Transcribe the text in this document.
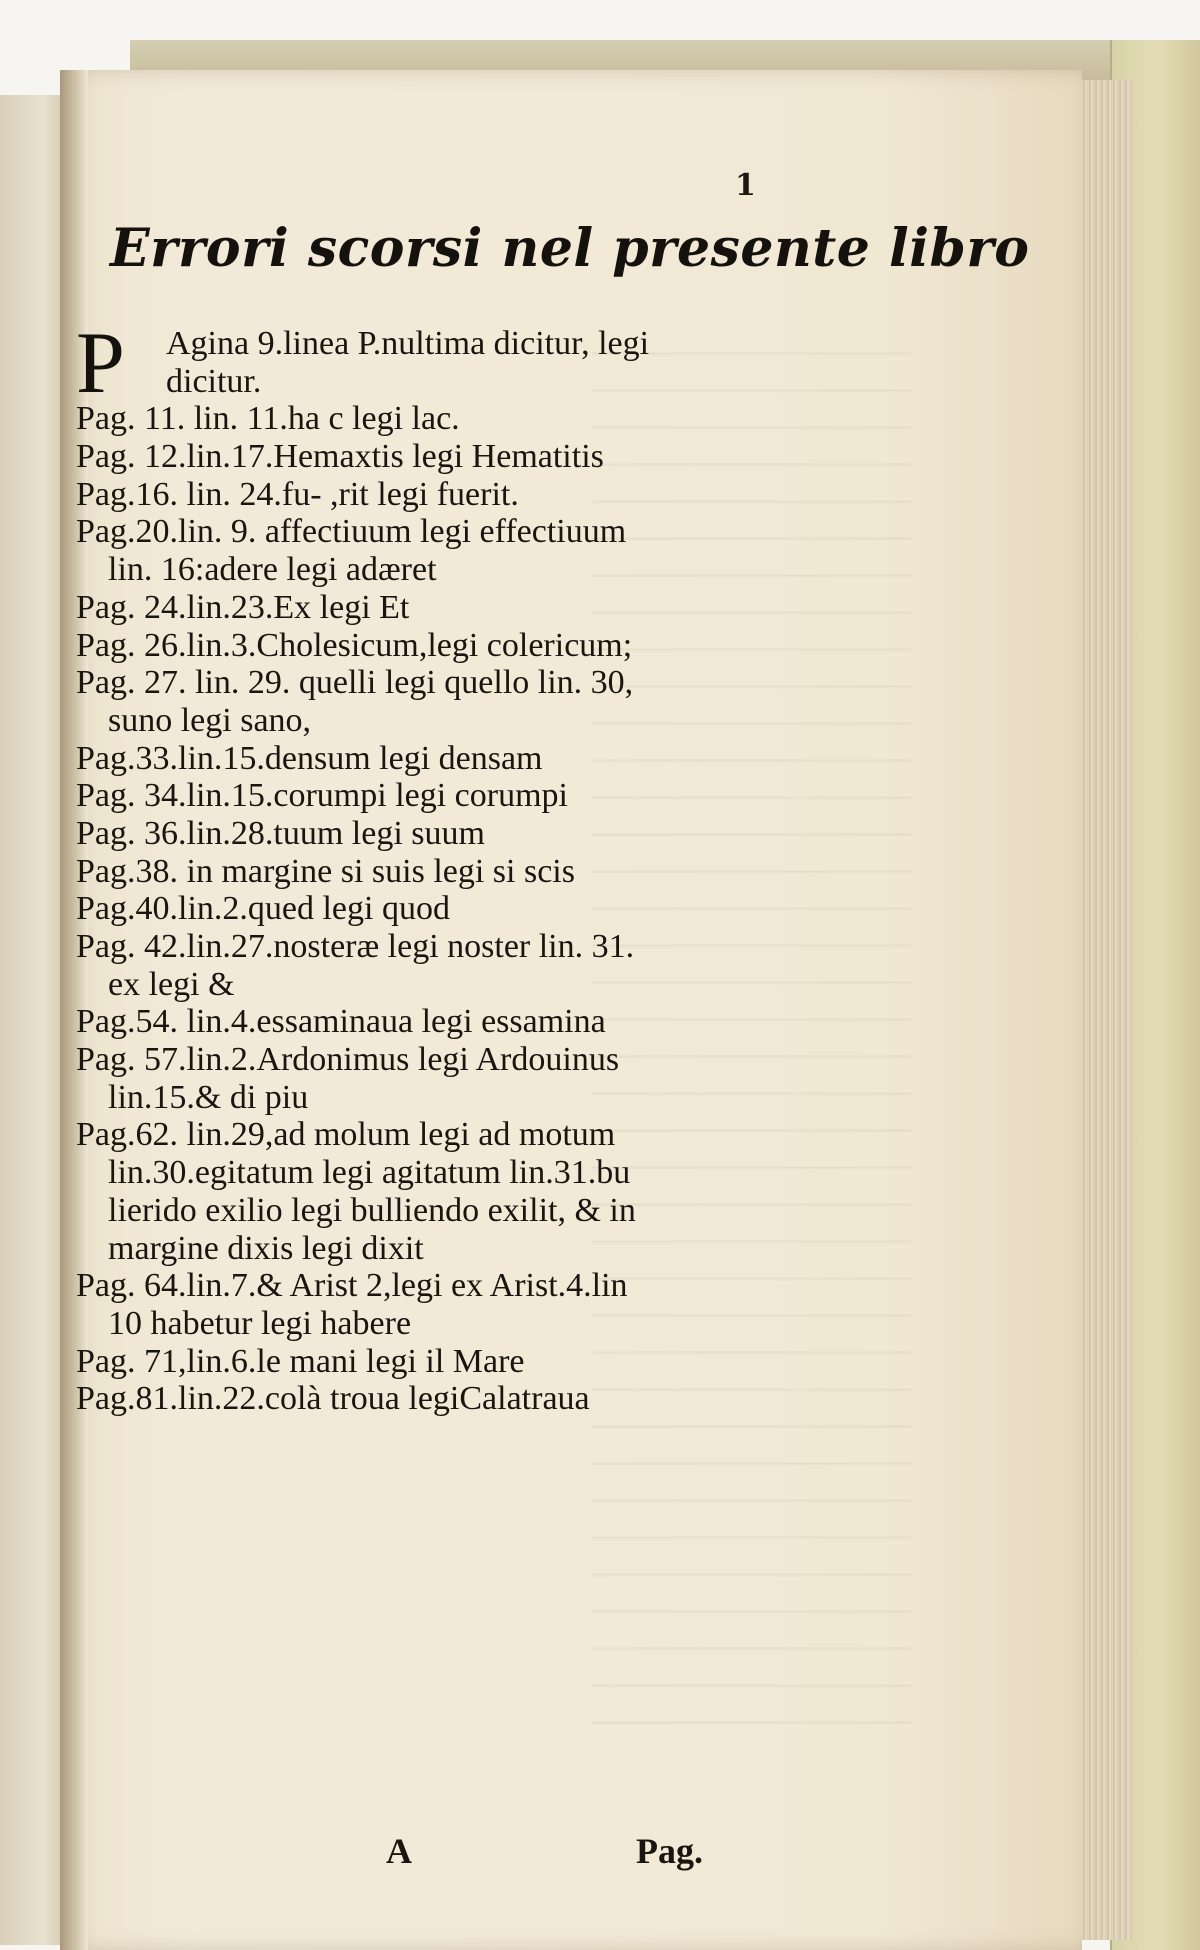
1
Errori scorsi nel presente libro
P	Agina 9.linea P.nultima dicitur, legi
dicitur.
Pag. 11. lin. 11.ha c legi lac.
Pag. 12.lin.17.Hemaxtis legi Hematitis
Pag.16. lin. 24.fu- ,rit legi fuerit.
Pag.20.lin. 9. affectiuum legi effectiuum
lin. 16:adere legi adæret
Pag. 24.lin.23.Ex legi Et
Pag. 26.lin.3.Cholesicum,legi colericum;
Pag. 27. lin. 29. quelli legi quello lin. 30,
suno legi sano,
Pag.33.lin.15.densum legi densam
Pag. 34.lin.15.corumpi legi corumpi
Pag. 36.lin.28.tuum legi suum
Pag.38. in margine si suis legi si scis
Pag.40.lin.2.qued legi quod
Pag. 42.lin.27.nosteræ legi noster lin. 31.
ex legi &
Pag.54. lin.4.essaminaua legi essamina
Pag. 57.lin.2.Ardonimus legi Ardouinus
lin.15.& di piu
Pag.62. lin.29,ad molum legi ad motum
lin.30.egitatum legi agitatum lin.31.bu
lierido exilio legi bulliendo exilit, & in
margine dixis legi dixit
Pag. 64.lin.7.& Arist 2,legi ex Arist.4.lin
10 habetur legi habere
Pag. 71,lin.6.le mani legi il Mare
Pag.81.lin.22.colà troua legiCalatraua
A	Pag.
